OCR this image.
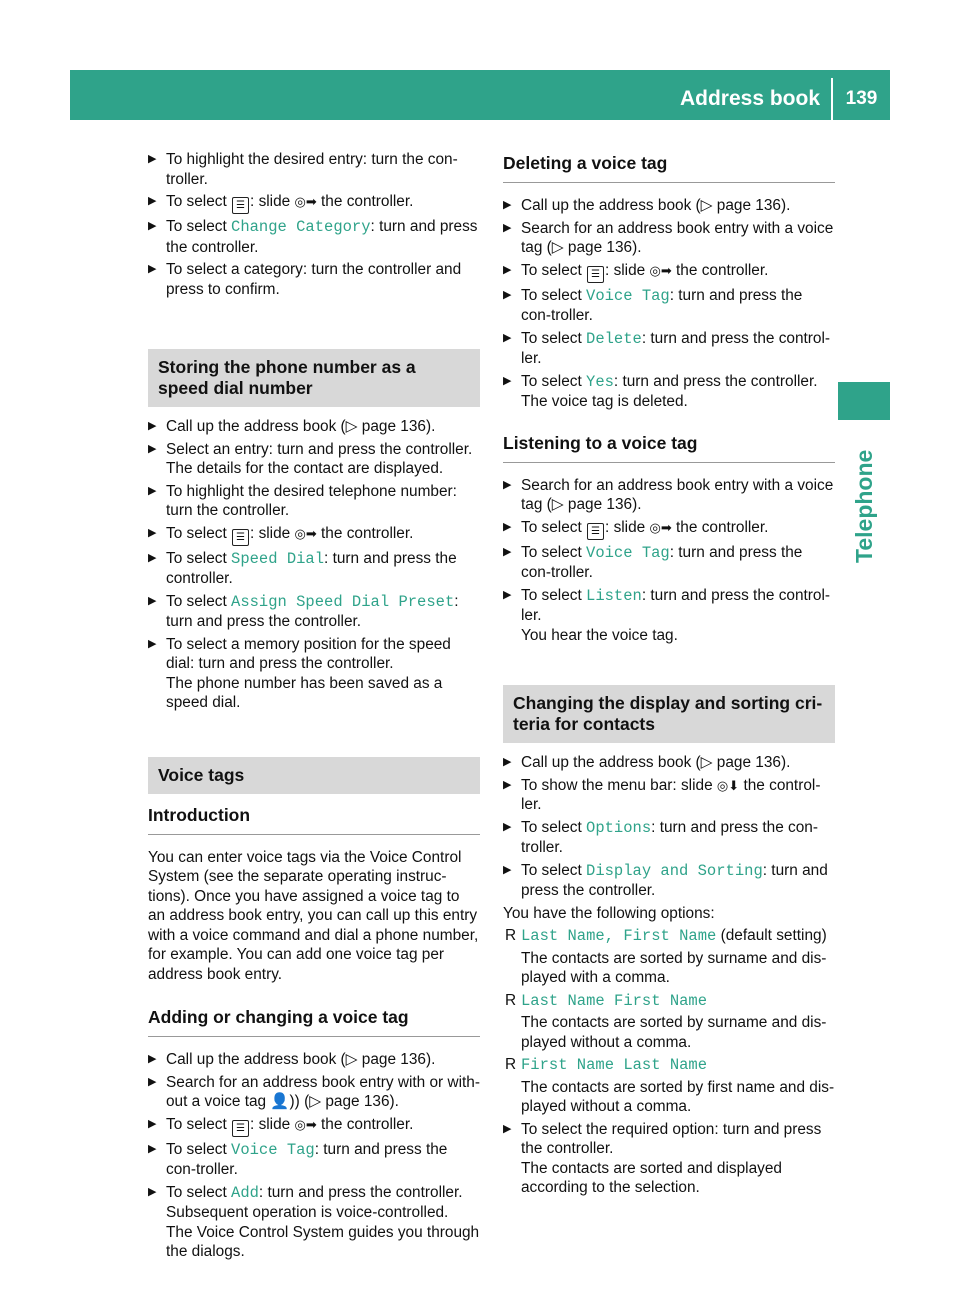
Address book	139
Telephone
▶ To highlight the desired entry: turn the con-troller.
▶ To select ☰ : slide ◎➡ the controller.
▶ To select Change Category: turn and press the controller.
▶ To select a category: turn the controller and press to confirm.
Storing the phone number as a speed dial number
▶ Call up the address book (▷ page 136).
▶ Select an entry: turn and press the controller.
The details for the contact are displayed.
▶ To highlight the desired telephone number: turn the controller.
▶ To select ☰ : slide ◎➡ the controller.
▶ To select Speed Dial: turn and press the controller.
▶ To select Assign Speed Dial Preset: turn and press the controller.
▶ To select a memory position for the speed dial: turn and press the controller.
The phone number has been saved as a speed dial.
Voice tags
Introduction
You can enter voice tags via the Voice Control System (see the separate operating instruc-tions). Once you have assigned a voice tag to an address book entry, you can call up this entry with a voice command and dial a phone number, for example. You can add one voice tag per address book entry.
Adding or changing a voice tag
▶ Call up the address book (▷ page 136).
▶ Search for an address book entry with or with-out a voice tag 👤)) (▷ page 136).
▶ To select ☰ : slide ◎➡ the controller.
▶ To select Voice Tag: turn and press the con-troller.
▶ To select Add: turn and press the controller.
Subsequent operation is voice-controlled.
The Voice Control System guides you through the dialogs.
Deleting a voice tag
▶ Call up the address book (▷ page 136).
▶ Search for an address book entry with a voice tag (▷ page 136).
▶ To select ☰ : slide ◎➡ the controller.
▶ To select Voice Tag: turn and press the con-troller.
▶ To select Delete: turn and press the control-ler.
▶ To select Yes: turn and press the controller.
The voice tag is deleted.
Listening to a voice tag
▶ Search for an address book entry with a voice tag (▷ page 136).
▶ To select ☰ : slide ◎➡ the controller.
▶ To select Voice Tag: turn and press the con-troller.
▶ To select Listen: turn and press the control-ler.
You hear the voice tag.
Changing the display and sorting cri-teria for contacts
▶ Call up the address book (▷ page 136).
▶ To show the menu bar: slide ◎⬇ the control-ler.
▶ To select Options: turn and press the con-troller.
▶ To select Display and Sorting: turn and press the controller.
You have the following options:
R Last Name, First Name (default setting)
The contacts are sorted by surname and dis-played with a comma.
R Last Name First Name
The contacts are sorted by surname and dis-played without a comma.
R First Name Last Name
The contacts are sorted by first name and dis-played without a comma.
▶ To select the required option: turn and press the controller.
The contacts are sorted and displayed
according to the selection.
